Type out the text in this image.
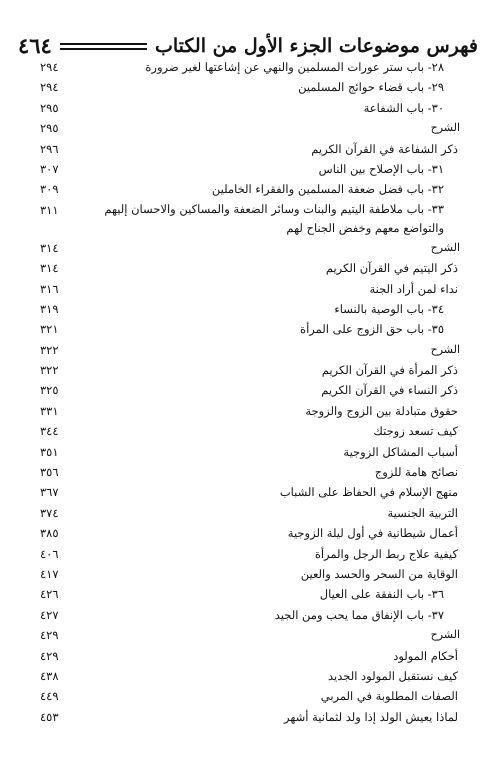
٤٦٤	فهرس موضوعات الجزء الأول من الكتاب
٢٩٤	٢٨- باب ستر عورات المسلمين والنهي عن إشاعتها لغير ضرورة
٢٩٤	٢٩- باب قضاء حوائج المسلمين
٢٩٥	٣٠- باب الشفاعة
٢٩٥	الشرح
٢٩٦	ذكر الشفاعة في القرآن الكريم
٣٠٧	٣١- باب الإصلاح بين الناس
٣٠٩	٣٢- باب فضل ضعفة المسلمين والفقراء الخاملين
٣١١	٣٣- باب ملاطفة اليتيم والبنات وسائر الضعفة والمساكين والاحسان إليهم والتواضع معهم وخفض الجناح لهم
٣١٤	الشرح
٣١٤	ذكر اليتيم في القرآن الكريم
٣١٦	نداء لمن أراد الجنة
٣١٩	٣٤- باب الوصية بالنساء
٣٢١	٣٥- باب حق الزوج على المرأة
٣٢٢	الشرح
٣٢٢	ذكر المرأة في القرآن الكريم
٣٢٥	ذكر النساء في القرآن الكريم
٣٣١	حقوق متبادلة بين الزوج والزوجة
٣٤٤	كيف تسعد زوجتك
٣٥١	أسباب المشاكل الزوجية
٣٥٦	نصائح هامة للزوج
٣٦٧	منهج الإسلام في الحفاظ على الشباب
٣٧٤	التربية الجنسية
٣٨٥	أعمال شيطانية في أول ليلة الزوجية
٤٠٦	كيفية علاج ربط الرجل والمرأة
٤١٧	الوقاية من السحر والحسد والعين
٤٢٦	٣٦- باب النفقة على العيال
٤٢٧	٣٧- باب الإنفاق مما يحب ومن الجيد
٤٢٩	الشرح
٤٢٩	أحكام المولود
٤٣٨	كيف نستقبل المولود الجديد
٤٤٩	الصفات المطلوبة في المربي
٤٥٣	لماذا يعيش الولد إذا ولد لثمانية أشهر
